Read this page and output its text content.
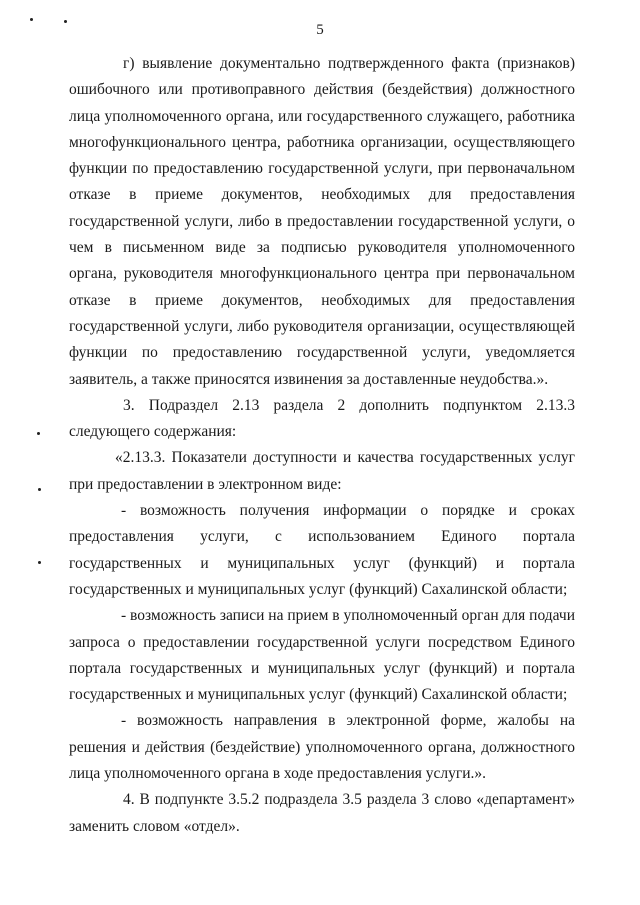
5

г) выявление документально подтвержденного факта (признаков) ошибочного или противоправного действия (бездействия) должностного лица уполномоченного органа, или государственного служащего, работника многофункционального центра, работника организации, осуществляющего функции по предоставлению государственной услуги, при первоначальном отказе в приеме документов, необходимых для предоставления государственной услуги, либо в предоставлении государственной услуги, о чем в письменном виде за подписью руководителя уполномоченного органа, руководителя многофункционального центра при первоначальном отказе в приеме документов, необходимых для предоставления государственной услуги, либо руководителя организации, осуществляющей функции по предоставлению государственной услуги, уведомляется заявитель, а также приносятся извинения за доставленные неудобства.».

3. Подраздел 2.13 раздела 2 дополнить подпунктом 2.13.3 следующего содержания:

«2.13.3. Показатели доступности и качества государственных услуг при предоставлении в электронном виде:

- возможность получения информации о порядке и сроках предоставления услуги, с использованием Единого портала государственных и муниципальных услуг (функций) и портала государственных и муниципальных услуг (функций) Сахалинской области;

- возможность записи на прием в уполномоченный орган для подачи запроса о предоставлении государственной услуги посредством Единого портала государственных и муниципальных услуг (функций) и портала государственных и муниципальных услуг (функций) Сахалинской области;

- возможность направления в электронной форме, жалобы на решения и действия (бездействие) уполномоченного органа, должностного лица уполномоченного органа в ходе предоставления услуги.».

4. В подпункте 3.5.2 подраздела 3.5 раздела 3 слово «департамент» заменить словом «отдел».
